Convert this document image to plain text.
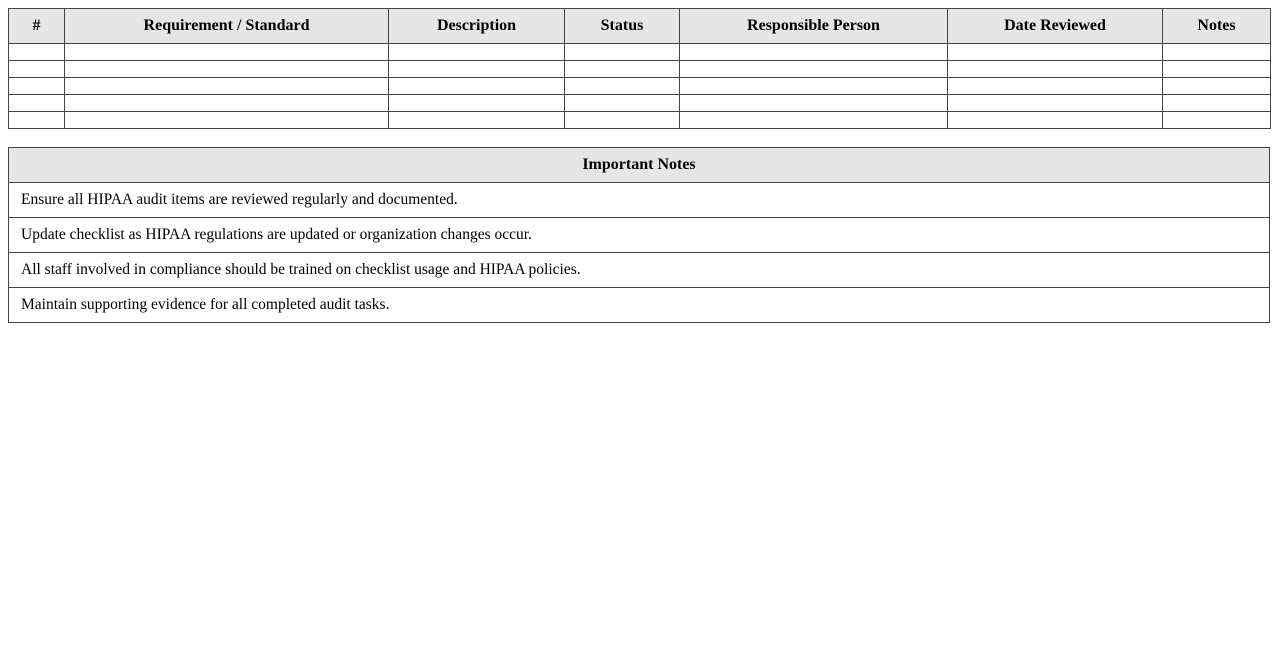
#	Requirement / Standard	Description	Status	Responsible Person	Date Reviewed	Notes

Important Notes
Ensure all HIPAA audit items are reviewed regularly and documented.
Update checklist as HIPAA regulations are updated or organization changes occur.
All staff involved in compliance should be trained on checklist usage and HIPAA policies.
Maintain supporting evidence for all completed audit tasks.
